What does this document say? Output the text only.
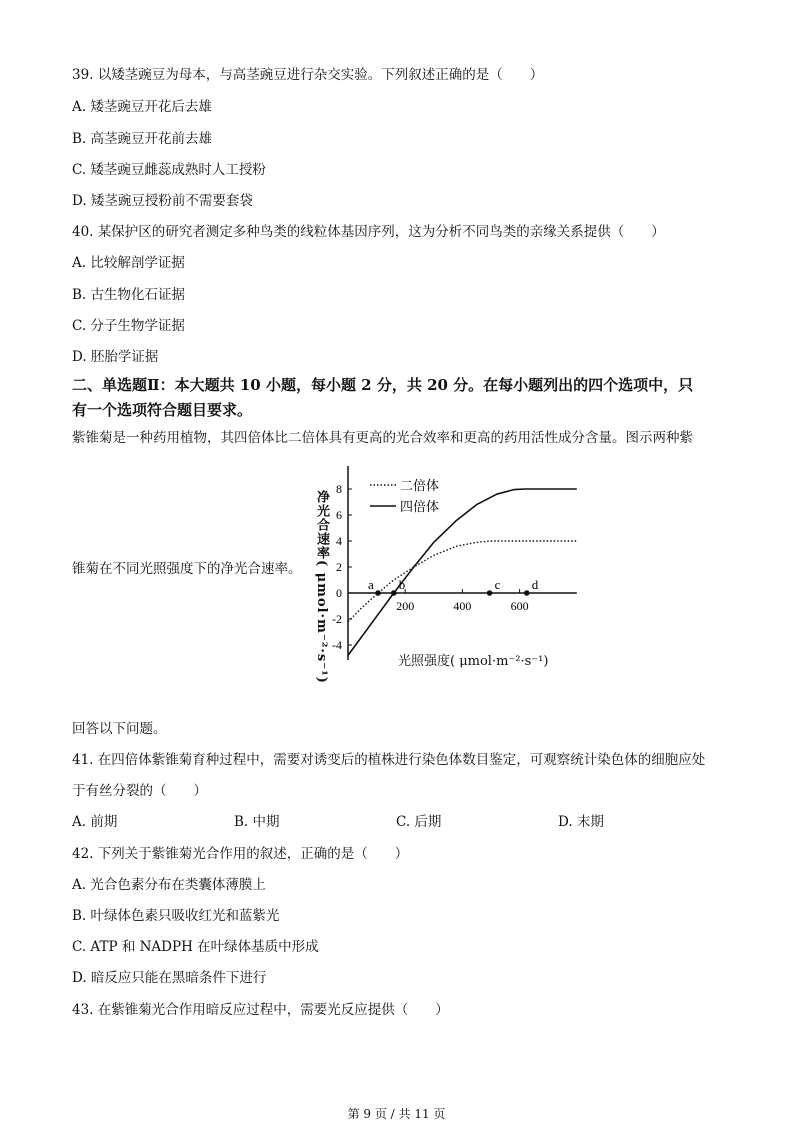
39. 以矮茎豌豆为母本，与高茎豌豆进行杂交实验。下列叙述正确的是（　　）
A. 矮茎豌豆开花后去雄
B. 高茎豌豆开花前去雄
C. 矮茎豌豆雌蕊成熟时人工授粉
D. 矮茎豌豆授粉前不需要套袋
40. 某保护区的研究者测定多种鸟类的线粒体基因序列，这为分析不同鸟类的亲缘关系提供（　　）
A. 比较解剖学证据
B. 古生物化石证据
C. 分子生物学证据
D. 胚胎学证据
二、单选题Ⅱ：本大题共 10 小题，每小题 2 分，共 20 分。在每小题列出的四个选项中，只
有一个选项符合题目要求。
紫锥菊是一种药用植物，其四倍体比二倍体具有更高的光合效率和更高的药用活性成分含量。图示两种紫
锥菊在不同光照强度下的净光合速率。
8
6
4
2
0
-2
-4
200	400	600
二倍体
四倍体
a b	c d
净光合速率( μmol·m⁻²·s⁻¹)	光照强度( μmol·m⁻²·s⁻¹)
回答以下问题。
41. 在四倍体紫锥菊育种过程中，需要对诱变后的植株进行染色体数目鉴定，可观察统计染色体的细胞应处
于有丝分裂的（　　）
A. 前期	B. 中期	C. 后期	D. 末期
42. 下列关于紫锥菊光合作用的叙述，正确的是（　　）
A. 光合色素分布在类囊体薄膜上
B. 叶绿体色素只吸收红光和蓝紫光
C. ATP 和 NADPH 在叶绿体基质中形成
D. 暗反应只能在黑暗条件下进行
43. 在紫锥菊光合作用暗反应过程中，需要光反应提供（　　）
第 9 页 / 共 11 页
